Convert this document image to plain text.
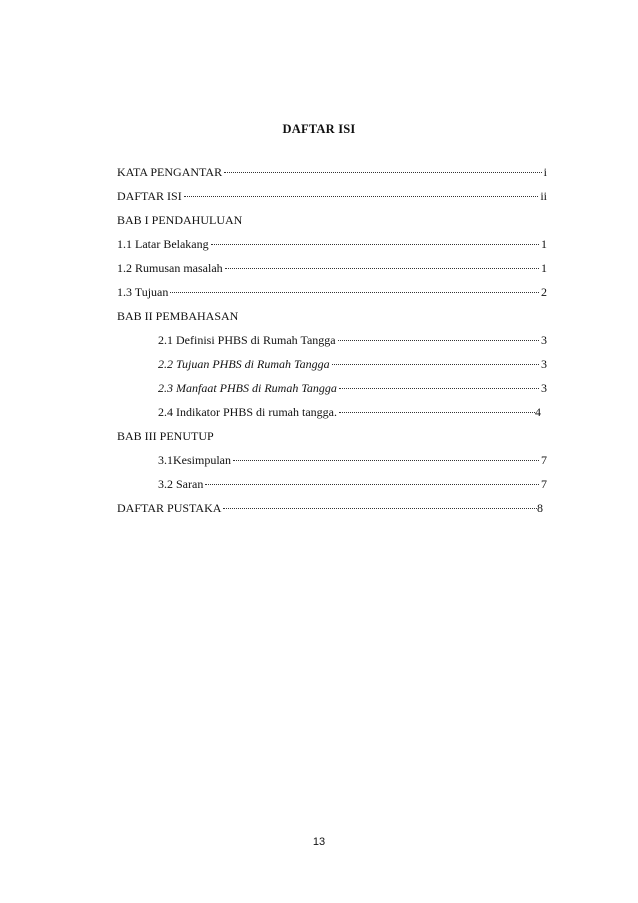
DAFTAR ISI
KATA PENGANTAR	i
DAFTAR ISI	ii
BAB I PENDAHULUAN
1.1 Latar Belakang	1
1.2 Rumusan masalah	1
1.3 Tujuan	2
BAB II PEMBAHASAN
2.1 Definisi PHBS di Rumah Tangga	3
2.2 Tujuan PHBS di Rumah Tangga	3
2.3 Manfaat PHBS di Rumah Tangga	3
2.4 Indikator PHBS di rumah tangga.	4
BAB III PENUTUP
3.1Kesimpulan	7
3.2 Saran	7
DAFTAR PUSTAKA	8
13
